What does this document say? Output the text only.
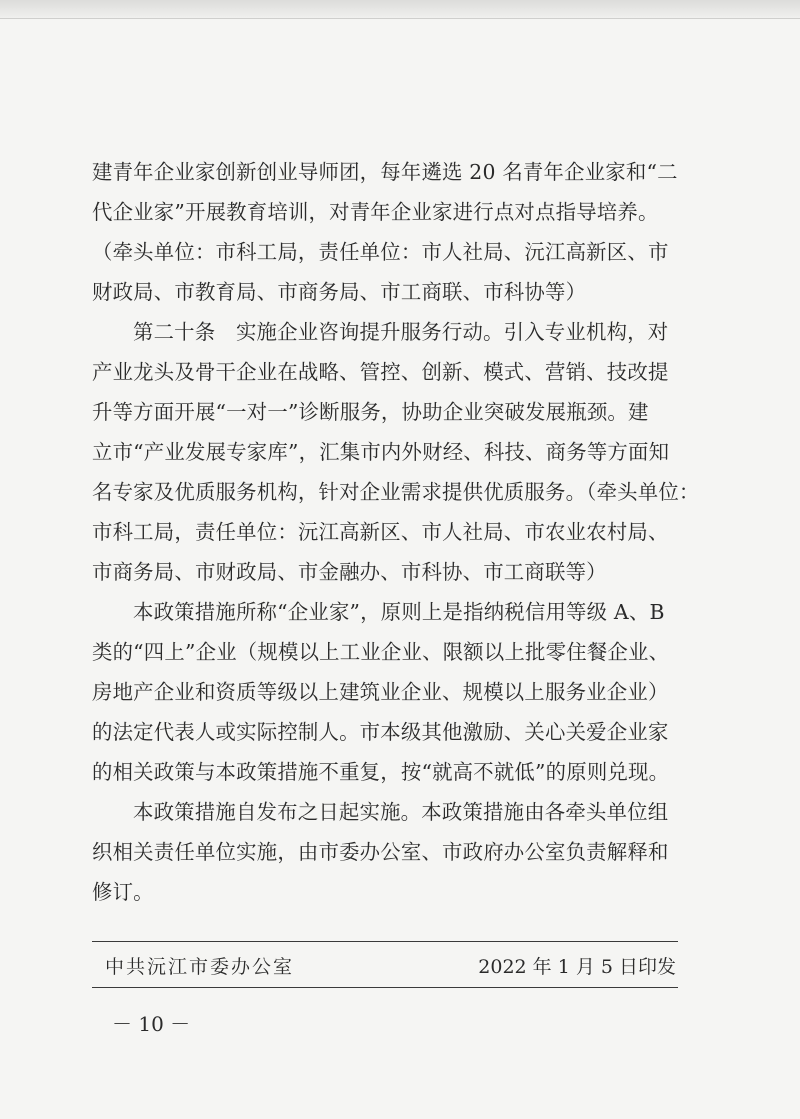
建青年企业家创新创业导师团，每年遴选 20 名青年企业家和“二
代企业家”开展教育培训，对青年企业家进行点对点指导培养。
（牵头单位：市科工局，责任单位：市人社局、沅江高新区、市
财政局、市教育局、市商务局、市工商联、市科协等）

第二十条　实施企业咨询提升服务行动。引入专业机构，对
产业龙头及骨干企业在战略、管控、创新、模式、营销、技改提
升等方面开展“一对一”诊断服务，协助企业突破发展瓶颈。建
立市“产业发展专家库”，汇集市内外财经、科技、商务等方面知
名专家及优质服务机构，针对企业需求提供优质服务。（牵头单位：
市科工局，责任单位：沅江高新区、市人社局、市农业农村局、
市商务局、市财政局、市金融办、市科协、市工商联等）

本政策措施所称“企业家”，原则上是指纳税信用等级 A、B
类的“四上”企业（规模以上工业企业、限额以上批零住餐企业、
房地产企业和资质等级以上建筑业企业、规模以上服务业企业）
的法定代表人或实际控制人。市本级其他激励、关心关爱企业家
的相关政策与本政策措施不重复，按“就高不就低”的原则兑现。

本政策措施自发布之日起实施。本政策措施由各牵头单位组
织相关责任单位实施，由市委办公室、市政府办公室负责解释和
修订。

中共沅江市委办公室	2022 年 1 月 5 日印发
－ 10 －
